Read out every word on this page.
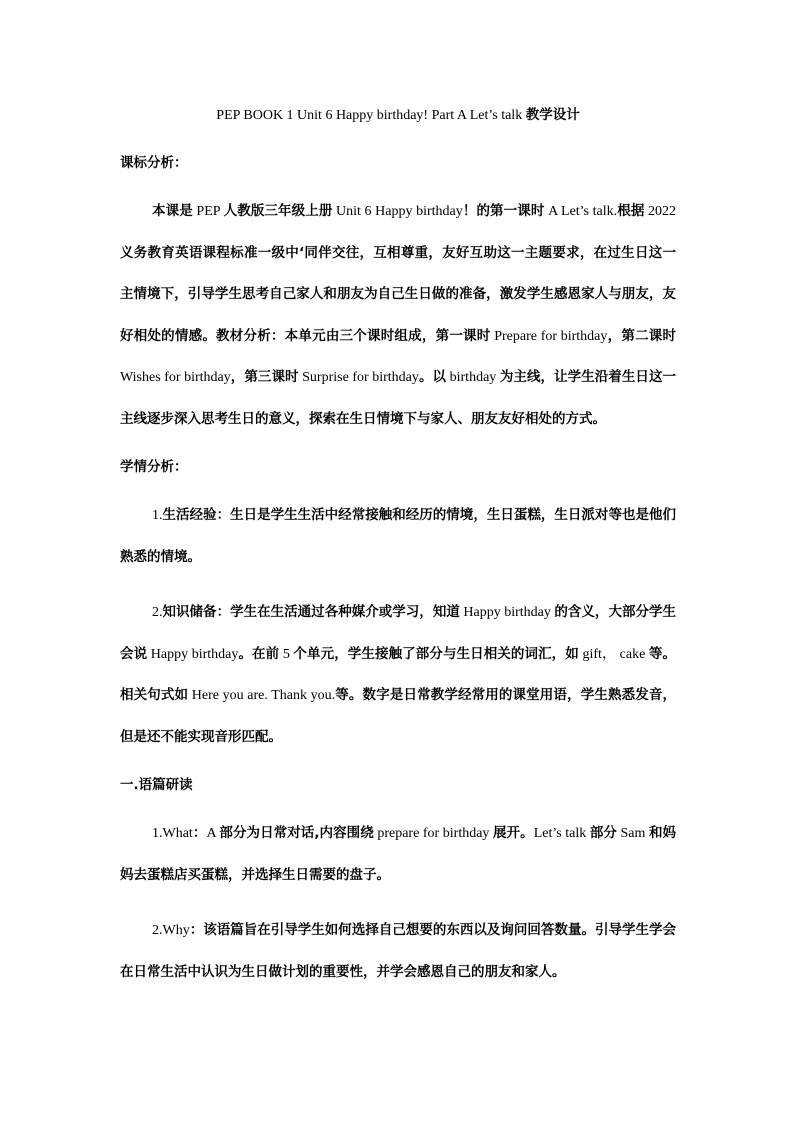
PEP BOOK 1 Unit 6 Happy birthday! Part A Let’s talk 教学设计
课标分析：

本课是 PEP 人教版三年级上册 Unit 6 Happy birthday！的第一课时 A Let’s talk.根据 2022 义务教育英语课程标准一级中‘同伴交往，互相尊重，友好互助这一主题要求，在过生日这一主情境下，引导学生思考自己家人和朋友为自己生日做的准备，激发学生感恩家人与朋友，友好相处的情感。教材分析：本单元由三个课时组成，第一课时 Prepare for birthday，第二课时 Wishes for birthday，第三课时 Surprise for birthday。以 birthday 为主线，让学生沿着生日这一主线逐步深入思考生日的意义，探索在生日情境下与家人、朋友友好相处的方式。

学情分析：

1.生活经验：生日是学生生活中经常接触和经历的情境，生日蛋糕，生日派对等也是他们熟悉的情境。

2.知识储备：学生在生活通过各种媒介或学习，知道 Happy birthday 的含义，大部分学生会说 Happy birthday。在前 5 个单元，学生接触了部分与生日相关的词汇，如 gift， cake 等。相关句式如 Here you are. Thank you.等。数字是日常教学经常用的课堂用语，学生熟悉发音，但是还不能实现音形匹配。

一.语篇研读

1.What：A 部分为日常对话,内容围绕 prepare for birthday 展开。Let’s talk 部分 Sam 和妈妈去蛋糕店买蛋糕，并选择生日需要的盘子。

2.Why：该语篇旨在引导学生如何选择自己想要的东西以及询问回答数量。引导学生学会在日常生活中认识为生日做计划的重要性，并学会感恩自己的朋友和家人。
